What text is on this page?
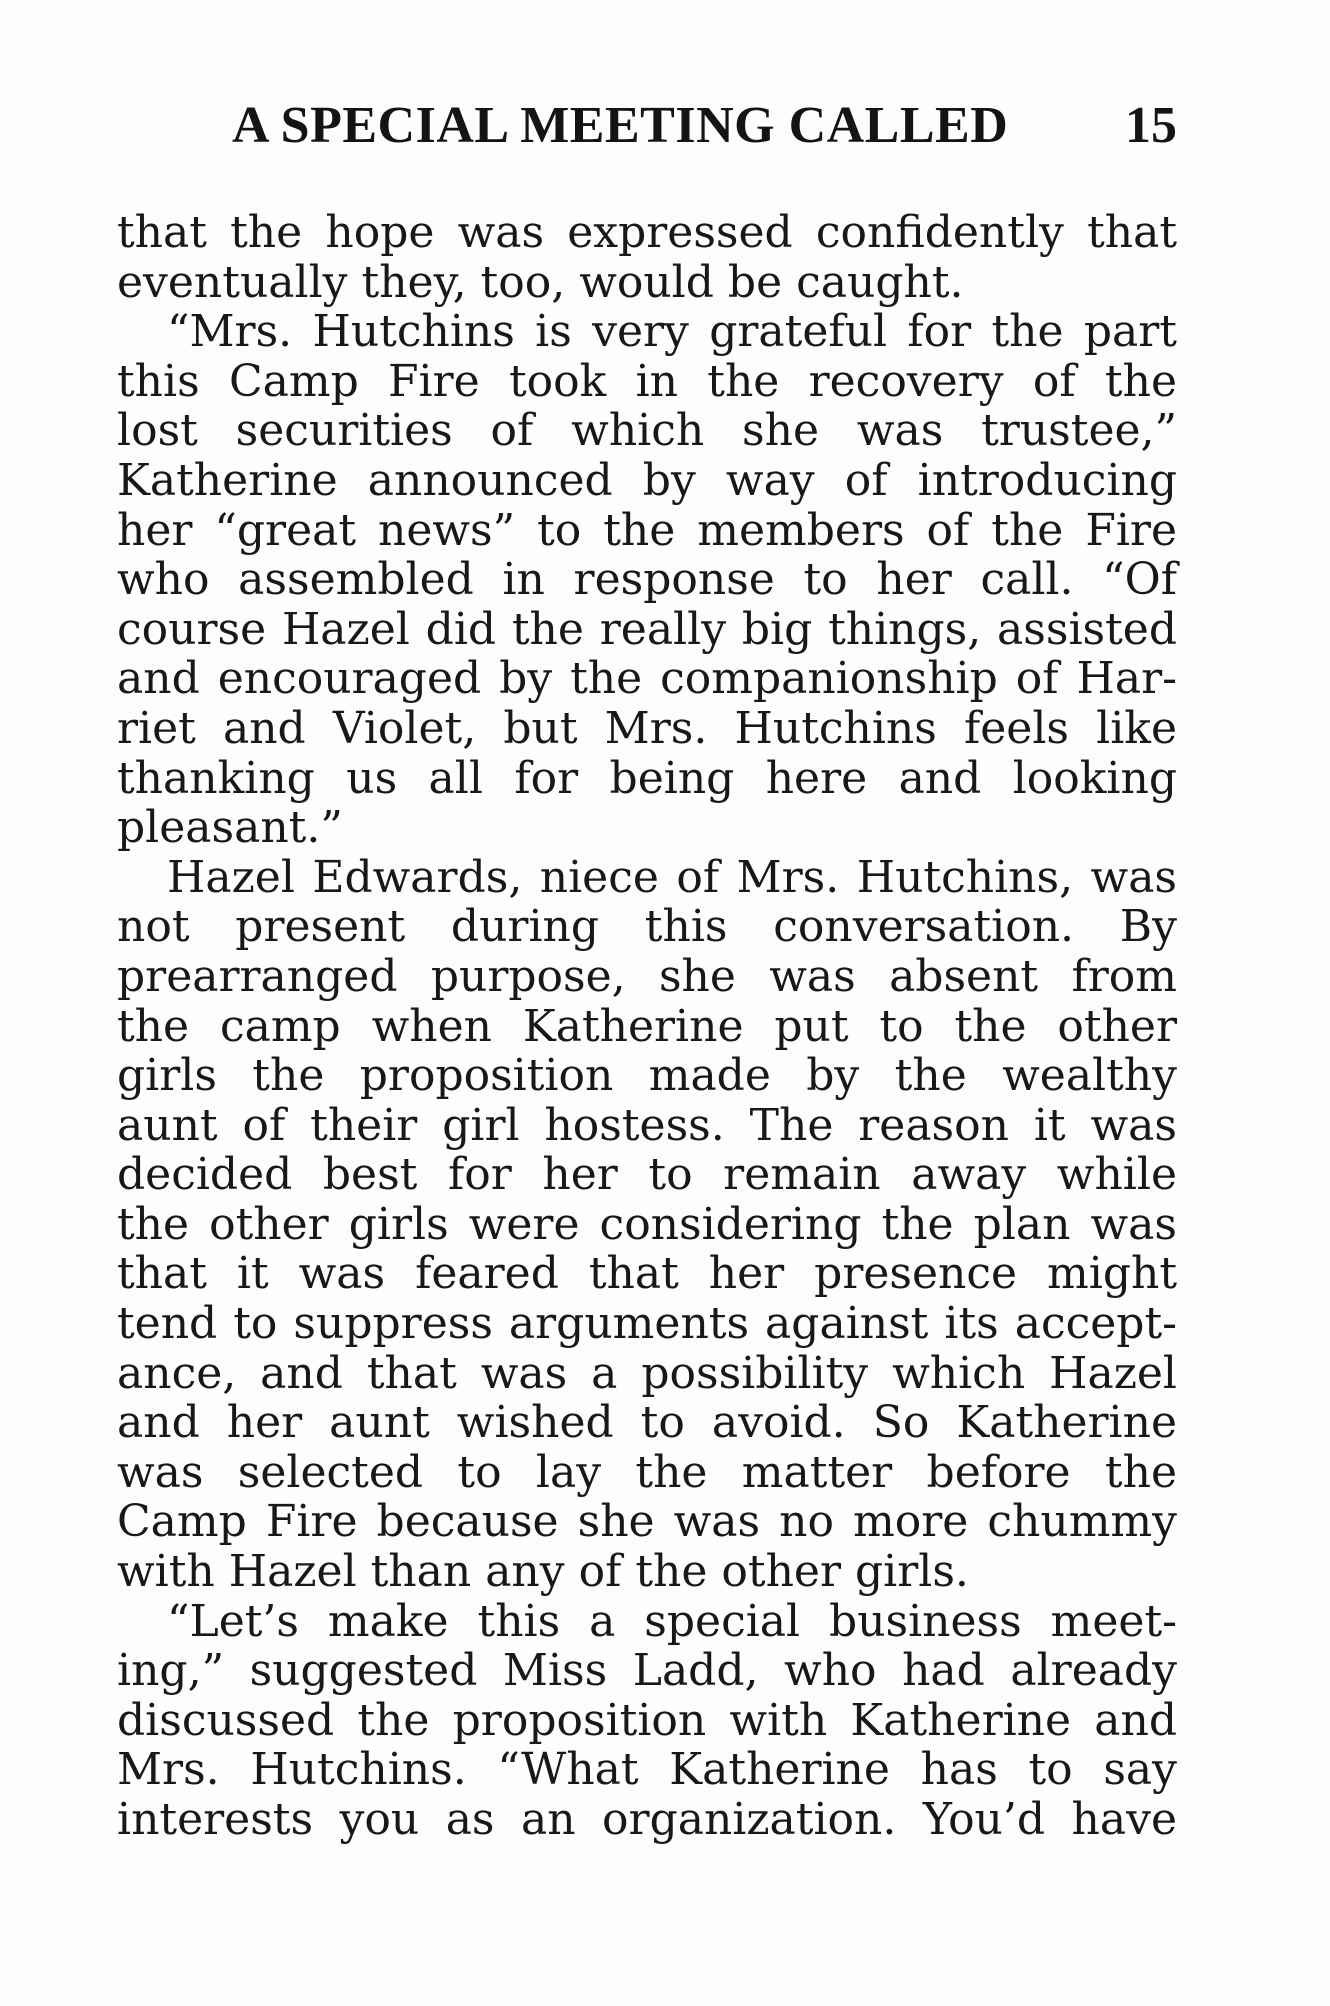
A SPECIAL MEETING CALLED 15
that the hope was expressed confidently that
eventually they, too, would be caught.
“Mrs. Hutchins is very grateful for the part
this Camp Fire took in the recovery of the
lost securities of which she was trustee,”
Katherine announced by way of introducing
her “great news” to the members of the Fire
who assembled in response to her call. “Of
course Hazel did the really big things, assisted
and encouraged by the companionship of Har-
riet and Violet, but Mrs. Hutchins feels like
thanking us all for being here and looking
pleasant.”
Hazel Edwards, niece of Mrs. Hutchins, was
not present during this conversation. By
prearranged purpose, she was absent from
the camp when Katherine put to the other
girls the proposition made by the wealthy
aunt of their girl hostess. The reason it was
decided best for her to remain away while
the other girls were considering the plan was
that it was feared that her presence might
tend to suppress arguments against its accept-
ance, and that was a possibility which Hazel
and her aunt wished to avoid. So Katherine
was selected to lay the matter before the
Camp Fire because she was no more chummy
with Hazel than any of the other girls.
“Let’s make this a special business meet-
ing,” suggested Miss Ladd, who had already
discussed the proposition with Katherine and
Mrs. Hutchins. “What Katherine has to say
interests you as an organization. You’d have
